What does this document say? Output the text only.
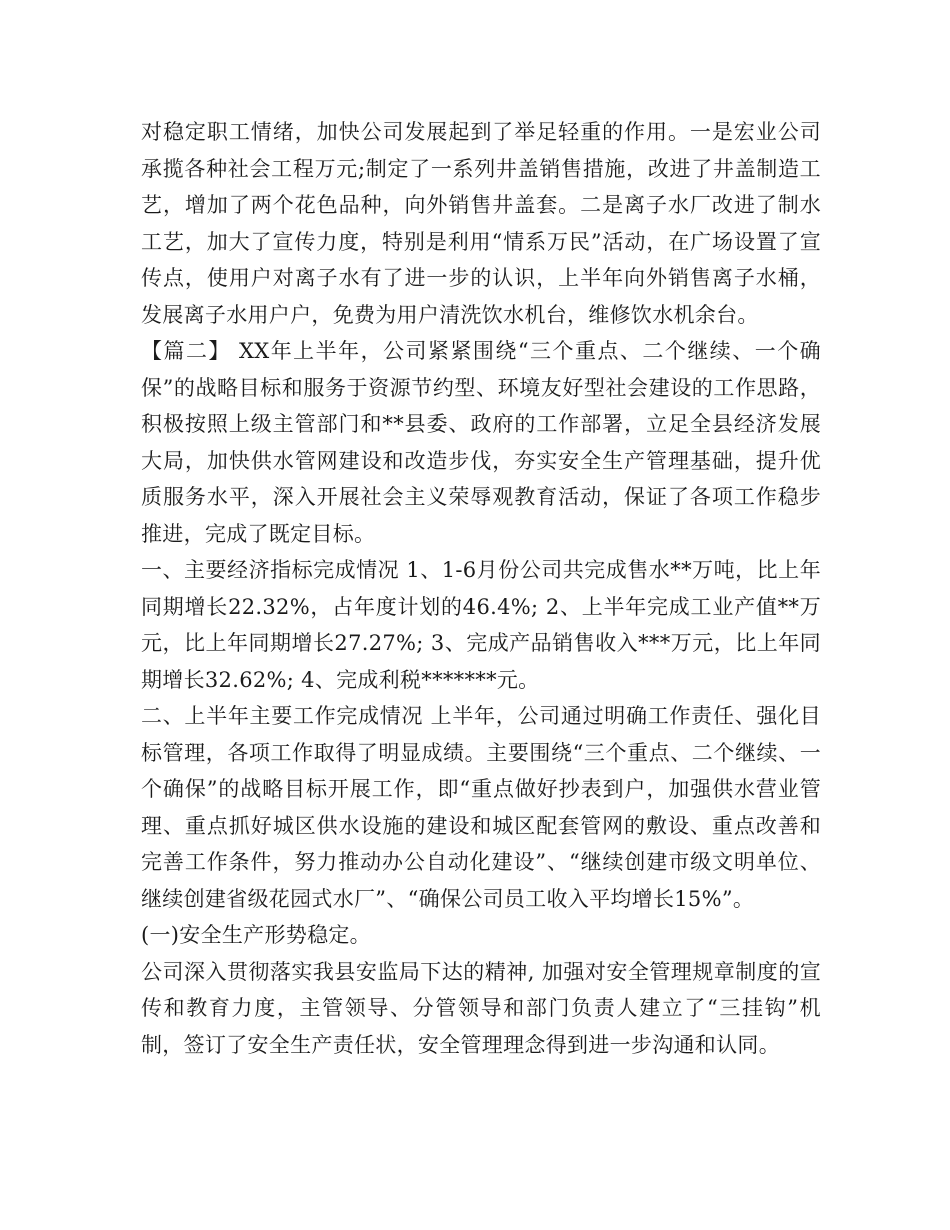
对稳定职工情绪，加快公司发展起到了举足轻重的作用。一是宏业公司承揽各种社会工程万元;制定了一系列井盖销售措施，改进了井盖制造工艺，增加了两个花色品种，向外销售井盖套。二是离子水厂改进了制水工艺，加大了宣传力度，特别是利用“情系万民”活动，在广场设置了宣传点，使用户对离子水有了进一步的认识，上半年向外销售离子水桶，发展离子水用户户，免费为用户清洗饮水机台，维修饮水机余台。

【篇二】 XX年上半年，公司紧紧围绕“三个重点、二个继续、一个确保”的战略目标和服务于资源节约型、环境友好型社会建设的工作思路，积极按照上级主管部门和**县委、政府的工作部署，立足全县经济发展大局，加快供水管网建设和改造步伐，夯实安全生产管理基础，提升优质服务水平，深入开展社会主义荣辱观教育活动，保证了各项工作稳步推进，完成了既定目标。

一、主要经济指标完成情况 1、1-6月份公司共完成售水**万吨，比上年同期增长22.32%，占年度计划的46.4%; 2、上半年完成工业产值**万元，比上年同期增长27.27%; 3、完成产品销售收入***万元，比上年同期增长32.62%; 4、完成利税*******元。

二、上半年主要工作完成情况 上半年，公司通过明确工作责任、强化目标管理，各项工作取得了明显成绩。主要围绕“三个重点、二个继续、一个确保”的战略目标开展工作，即“重点做好抄表到户，加强供水营业管理、重点抓好城区供水设施的建设和城区配套管网的敷设、重点改善和完善工作条件，努力推动办公自动化建设”、“继续创建市级文明单位、继续创建省级花园式水厂”、“确保公司员工收入平均增长15%”。

(一)安全生产形势稳定。

公司深入贯彻落实我县安监局下达的精神, 加强对安全管理规章制度的宣传和教育力度，主管领导、分管领导和部门负责人建立了“三挂钩”机制，签订了安全生产责任状，安全管理理念得到进一步沟通和认同。
